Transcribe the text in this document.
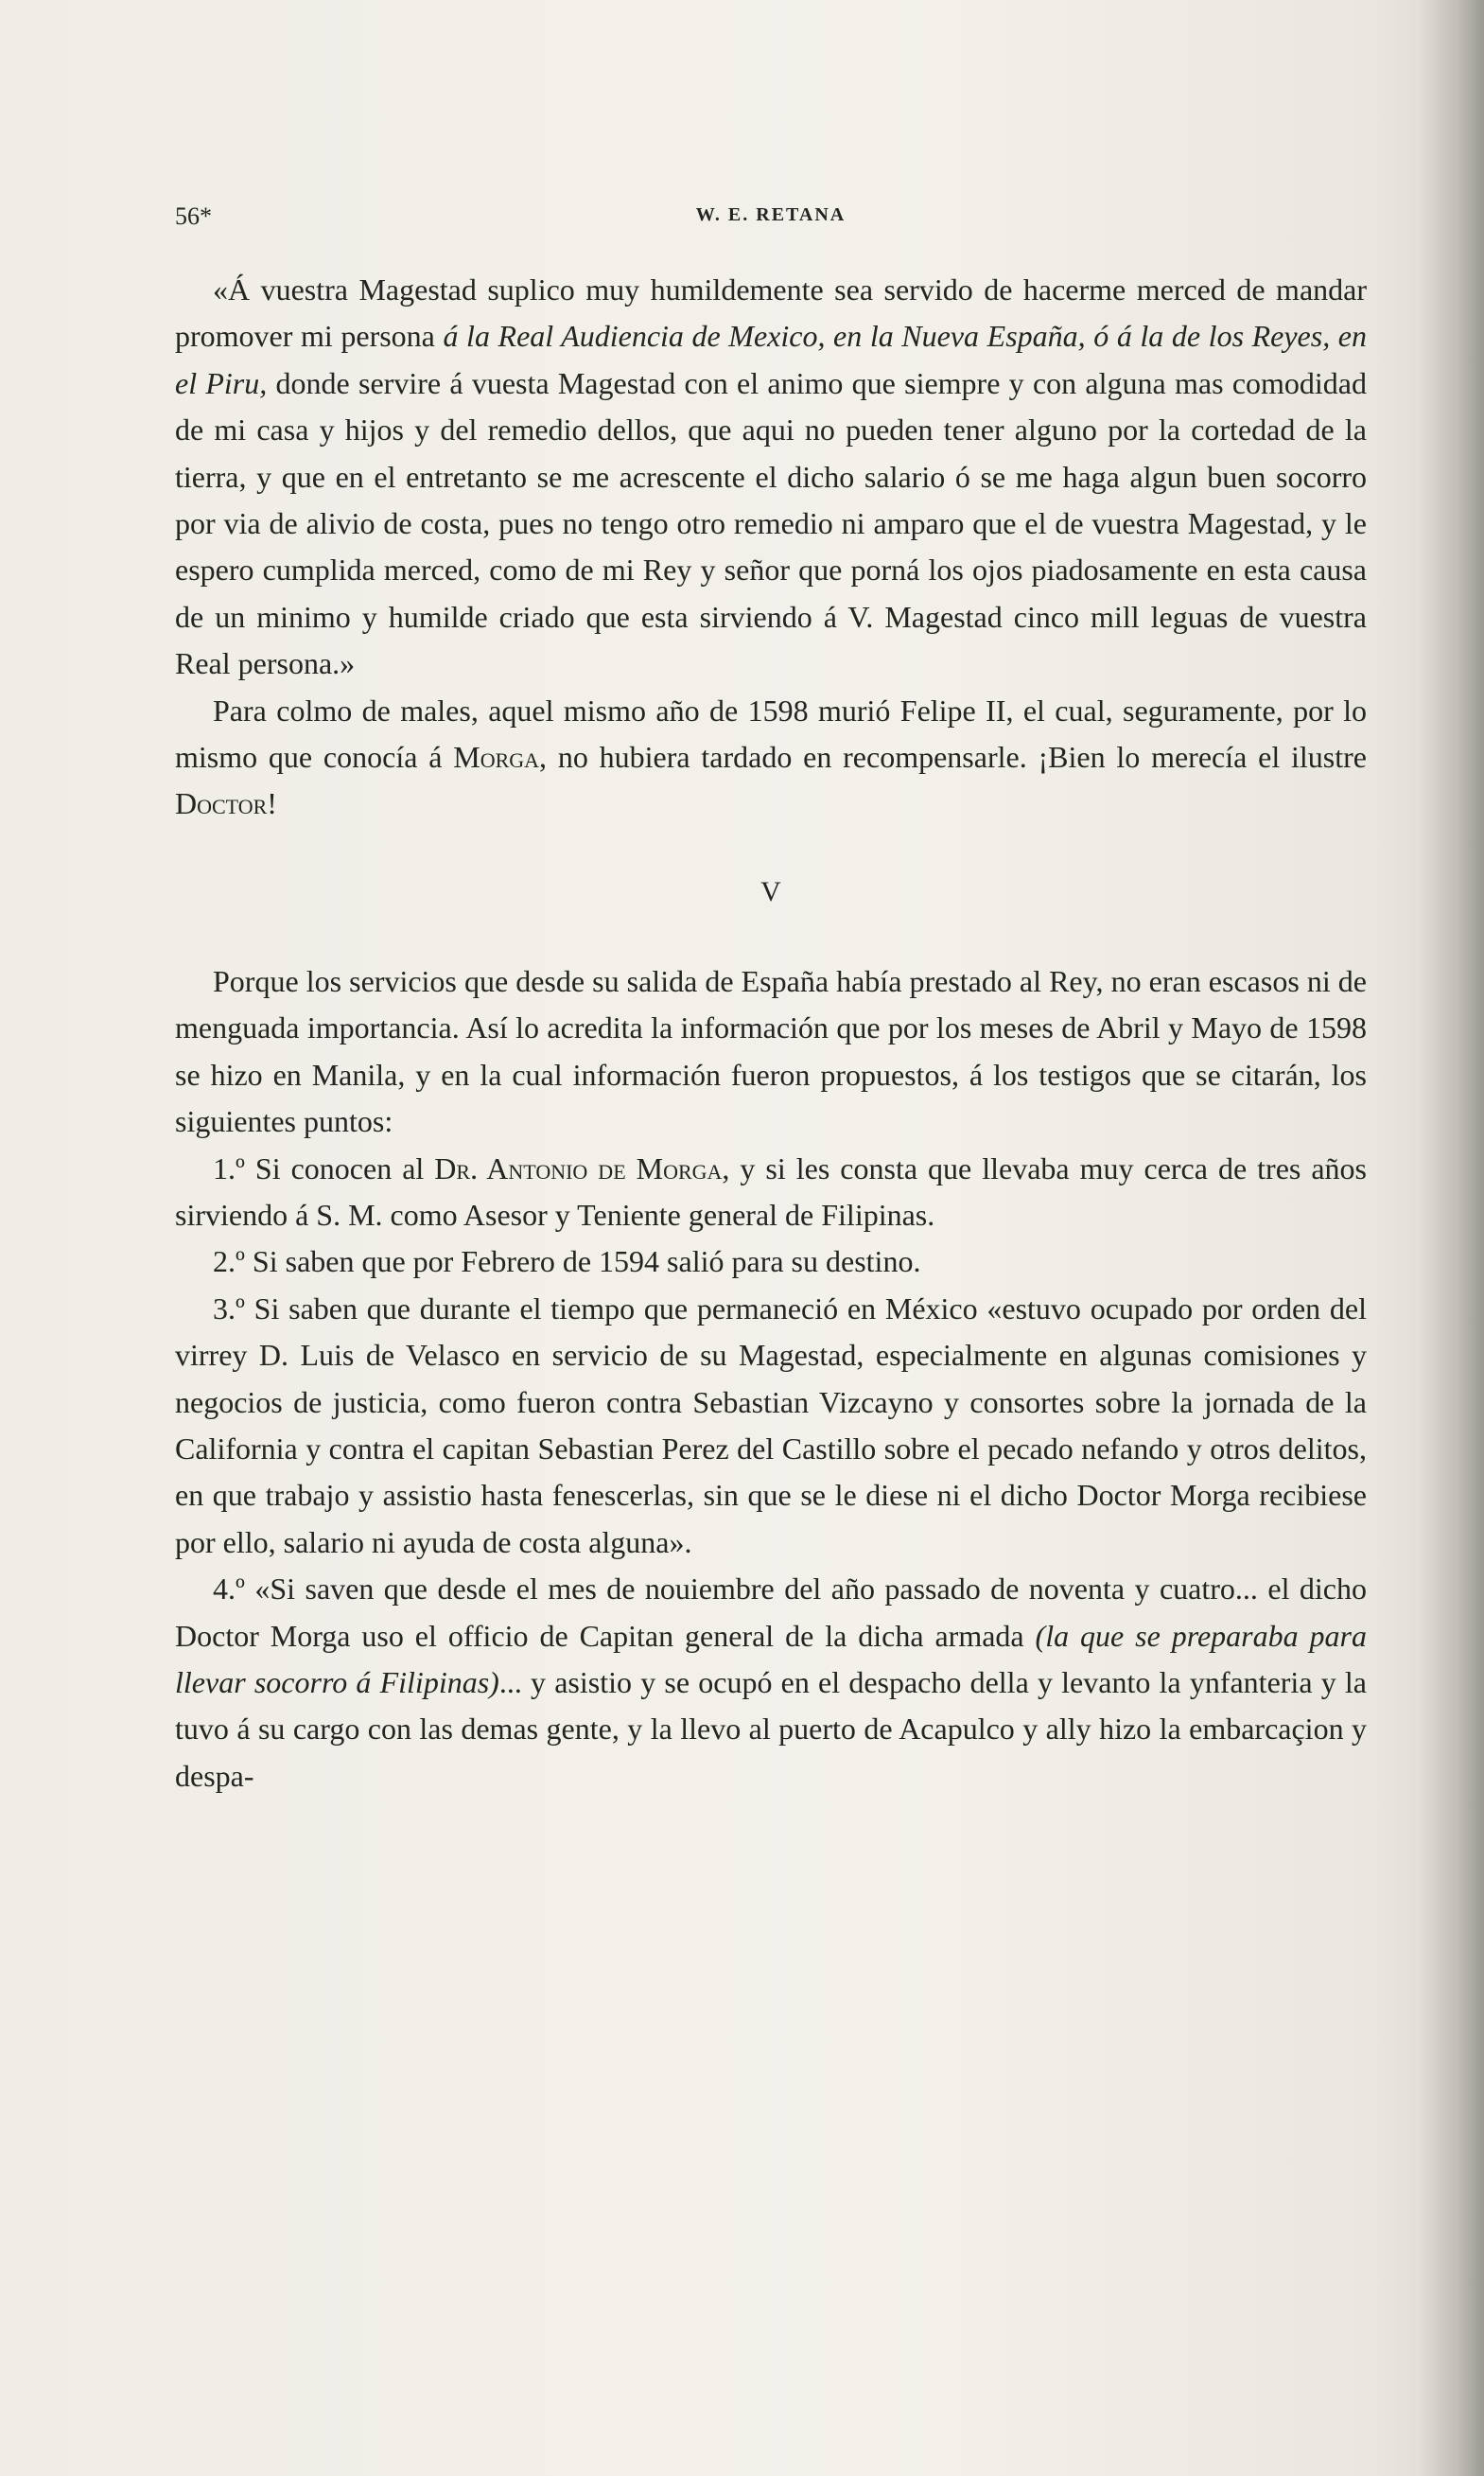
56*	W. E. RETANA

«Á vuestra Magestad suplico muy humildemente sea servido de hacerme merced de mandar promover mi persona á la Real Audiencia de Mexico, en la Nueva España, ó á la de los Reyes, en el Piru, donde servire á vuesta Magestad con el animo que siempre y con alguna mas comodidad de mi casa y hijos y del remedio dellos, que aqui no pueden tener alguno por la cortedad de la tierra, y que en el entretanto se me acrescente el dicho salario ó se me haga algun buen socorro por via de alivio de costa, pues no tengo otro remedio ni amparo que el de vuestra Magestad, y le espero cumplida merced, como de mi Rey y señor que porná los ojos piadosamente en esta causa de un minimo y humilde criado que esta sirviendo á V. Magestad cinco mill leguas de vuestra Real persona.»

Para colmo de males, aquel mismo año de 1598 murió Felipe II, el cual, seguramente, por lo mismo que conocía á Morga, no hubiera tardado en recompensarle. ¡Bien lo merecía el ilustre Doctor!

V

Porque los servicios que desde su salida de España había prestado al Rey, no eran escasos ni de menguada importancia. Así lo acredita la información que por los meses de Abril y Mayo de 1598 se hizo en Manila, y en la cual información fueron propuestos, á los testigos que se citarán, los siguientes puntos:

1.º Si conocen al Dr. Antonio de Morga, y si les consta que llevaba muy cerca de tres años sirviendo á S. M. como Asesor y Teniente general de Filipinas.

2.º Si saben que por Febrero de 1594 salió para su destino.

3.º Si saben que durante el tiempo que permaneció en México «estuvo ocupado por orden del virrey D. Luis de Velasco en servicio de su Magestad, especialmente en algunas comisiones y negocios de justicia, como fueron contra Sebastian Vizcayno y consortes sobre la jornada de la California y contra el capitan Sebastian Perez del Castillo sobre el pecado nefando y otros delitos, en que trabajo y assistio hasta fenescerlas, sin que se le diese ni el dicho Doctor Morga recibiese por ello, salario ni ayuda de costa alguna».

4.º «Si saven que desde el mes de nouiembre del año passado de noventa y cuatro... el dicho Doctor Morga uso el officio de Capitan general de la dicha armada (la que se preparaba para llevar socorro á Filipinas)... y asistio y se ocupó en el despacho della y levanto la ynfanteria y la tuvo á su cargo con las demas gente, y la llevo al puerto de Acapulco y ally hizo la embarcaçion y despa-
